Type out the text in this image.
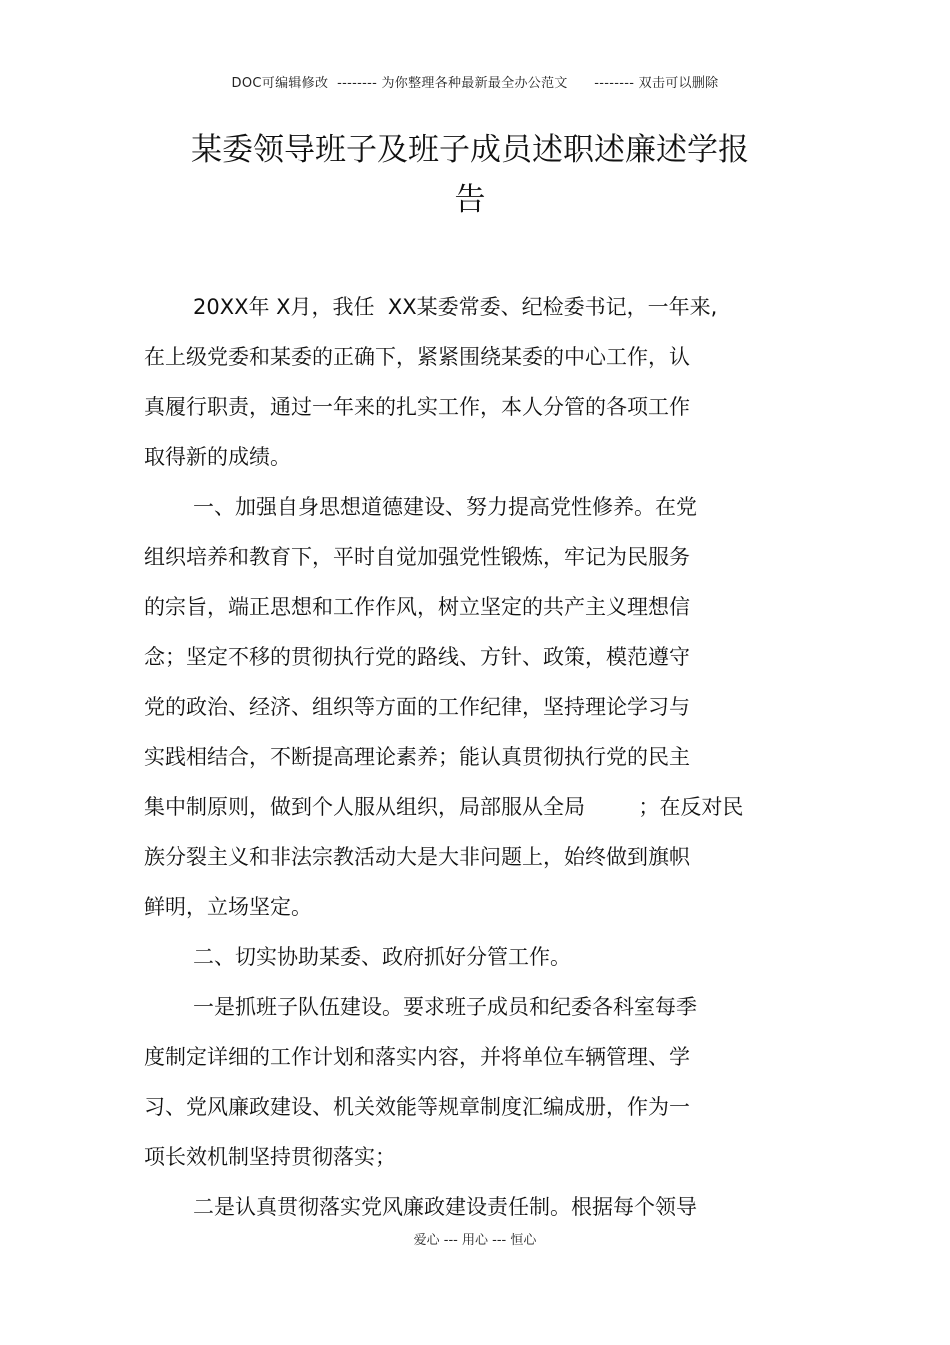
DOC可编辑修改  -------- 为你整理各种最新最全办公范文      -------- 双击可以删除
某委领导班子及班子成员述职述廉述学报
告
20XX年 X月，我任  XX某委常委、纪检委书记，一年来,
在上级党委和某委的正确下，紧紧围绕某委的中心工作，认
真履行职责，通过一年来的扎实工作，本人分管的各项工作
取得新的成绩。
一、加强自身思想道德建设、努力提高党性修养。在党
组织培养和教育下，平时自觉加强党性锻炼，牢记为民服务
的宗旨，端正思想和工作作风，树立坚定的共产主义理想信
念；坚定不移的贯彻执行党的路线、方针、政策，模范遵守
党的政治、经济、组织等方面的工作纪律，坚持理论学习与
实践相结合，不断提高理论素养；能认真贯彻执行党的民主
集中制原则，做到个人服从组织，局部服从全局        ；在反对民
族分裂主义和非法宗教活动大是大非问题上，始终做到旗帜
鲜明，立场坚定。
二、切实协助某委、政府抓好分管工作。
一是抓班子队伍建设。要求班子成员和纪委各科室每季
度制定详细的工作计划和落实内容，并将单位车辆管理、学
习、党风廉政建设、机关效能等规章制度汇编成册，作为一
项长效机制坚持贯彻落实；
二是认真贯彻落实党风廉政建设责任制。根据每个领导
爱心 --- 用心 --- 恒心
